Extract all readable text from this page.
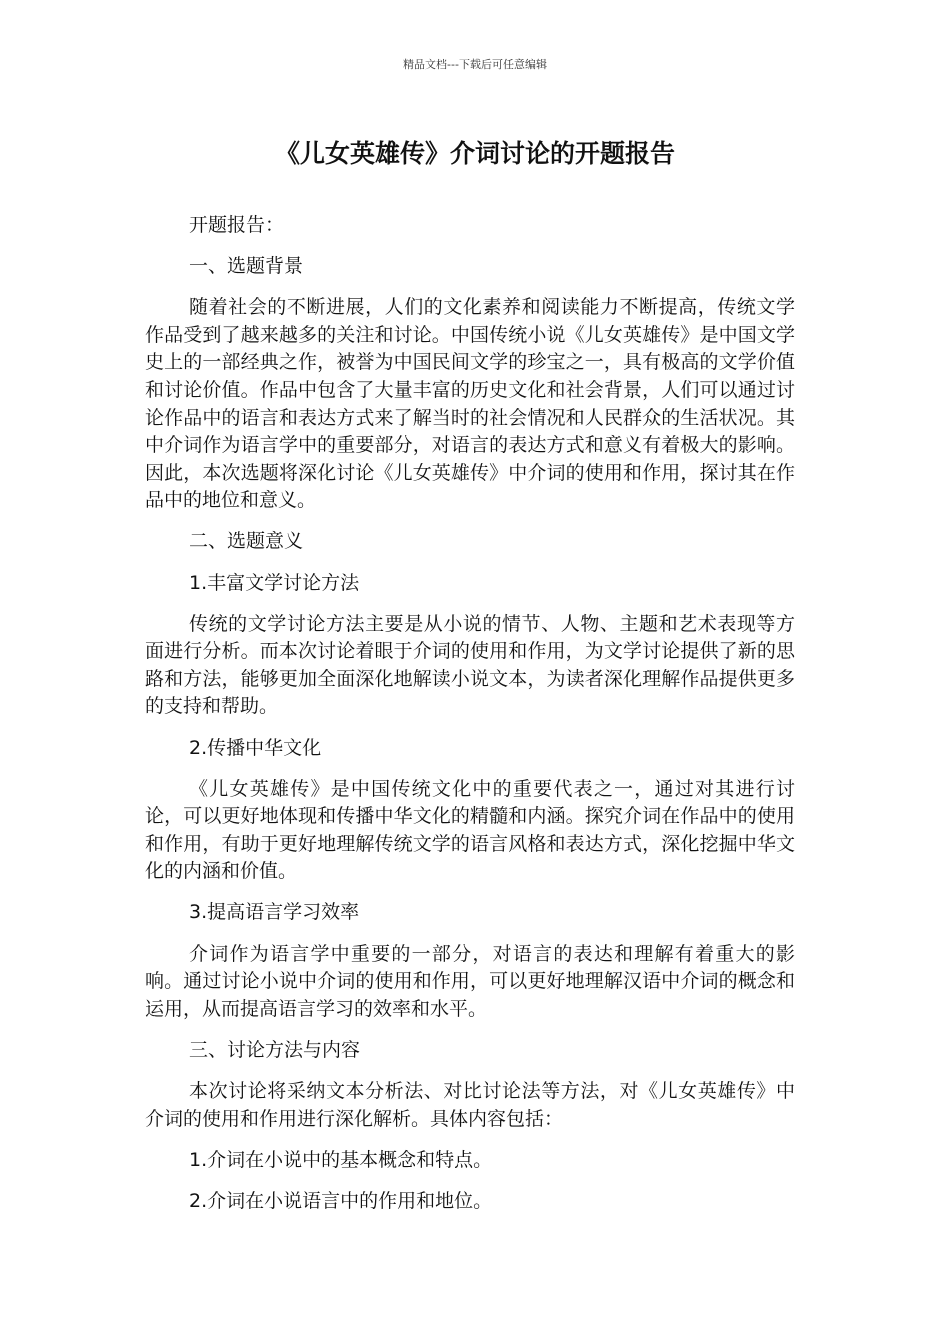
精品文档---下载后可任意编辑
《儿女英雄传》介词讨论的开题报告

开题报告：

一、选题背景

随着社会的不断进展，人们的文化素养和阅读能力不断提高，传统文学作品受到了越来越多的关注和讨论。中国传统小说《儿女英雄传》是中国文学史上的一部经典之作，被誉为中国民间文学的珍宝之一，具有极高的文学价值和讨论价值。作品中包含了大量丰富的历史文化和社会背景，人们可以通过讨论作品中的语言和表达方式来了解当时的社会情况和人民群众的生活状况。其中介词作为语言学中的重要部分，对语言的表达方式和意义有着极大的影响。因此，本次选题将深化讨论《儿女英雄传》中介词的使用和作用，探讨其在作品中的地位和意义。

二、选题意义

1.丰富文学讨论方法

传统的文学讨论方法主要是从小说的情节、人物、主题和艺术表现等方面进行分析。而本次讨论着眼于介词的使用和作用，为文学讨论提供了新的思路和方法，能够更加全面深化地解读小说文本，为读者深化理解作品提供更多的支持和帮助。

2.传播中华文化

《儿女英雄传》是中国传统文化中的重要代表之一，通过对其进行讨论，可以更好地体现和传播中华文化的精髓和内涵。探究介词在作品中的使用和作用，有助于更好地理解传统文学的语言风格和表达方式，深化挖掘中华文化的内涵和价值。

3.提高语言学习效率

介词作为语言学中重要的一部分，对语言的表达和理解有着重大的影响。通过讨论小说中介词的使用和作用，可以更好地理解汉语中介词的概念和运用，从而提高语言学习的效率和水平。

三、讨论方法与内容

本次讨论将采纳文本分析法、对比讨论法等方法，对《儿女英雄传》中介词的使用和作用进行深化解析。具体内容包括：

1.介词在小说中的基本概念和特点。

2.介词在小说语言中的作用和地位。
